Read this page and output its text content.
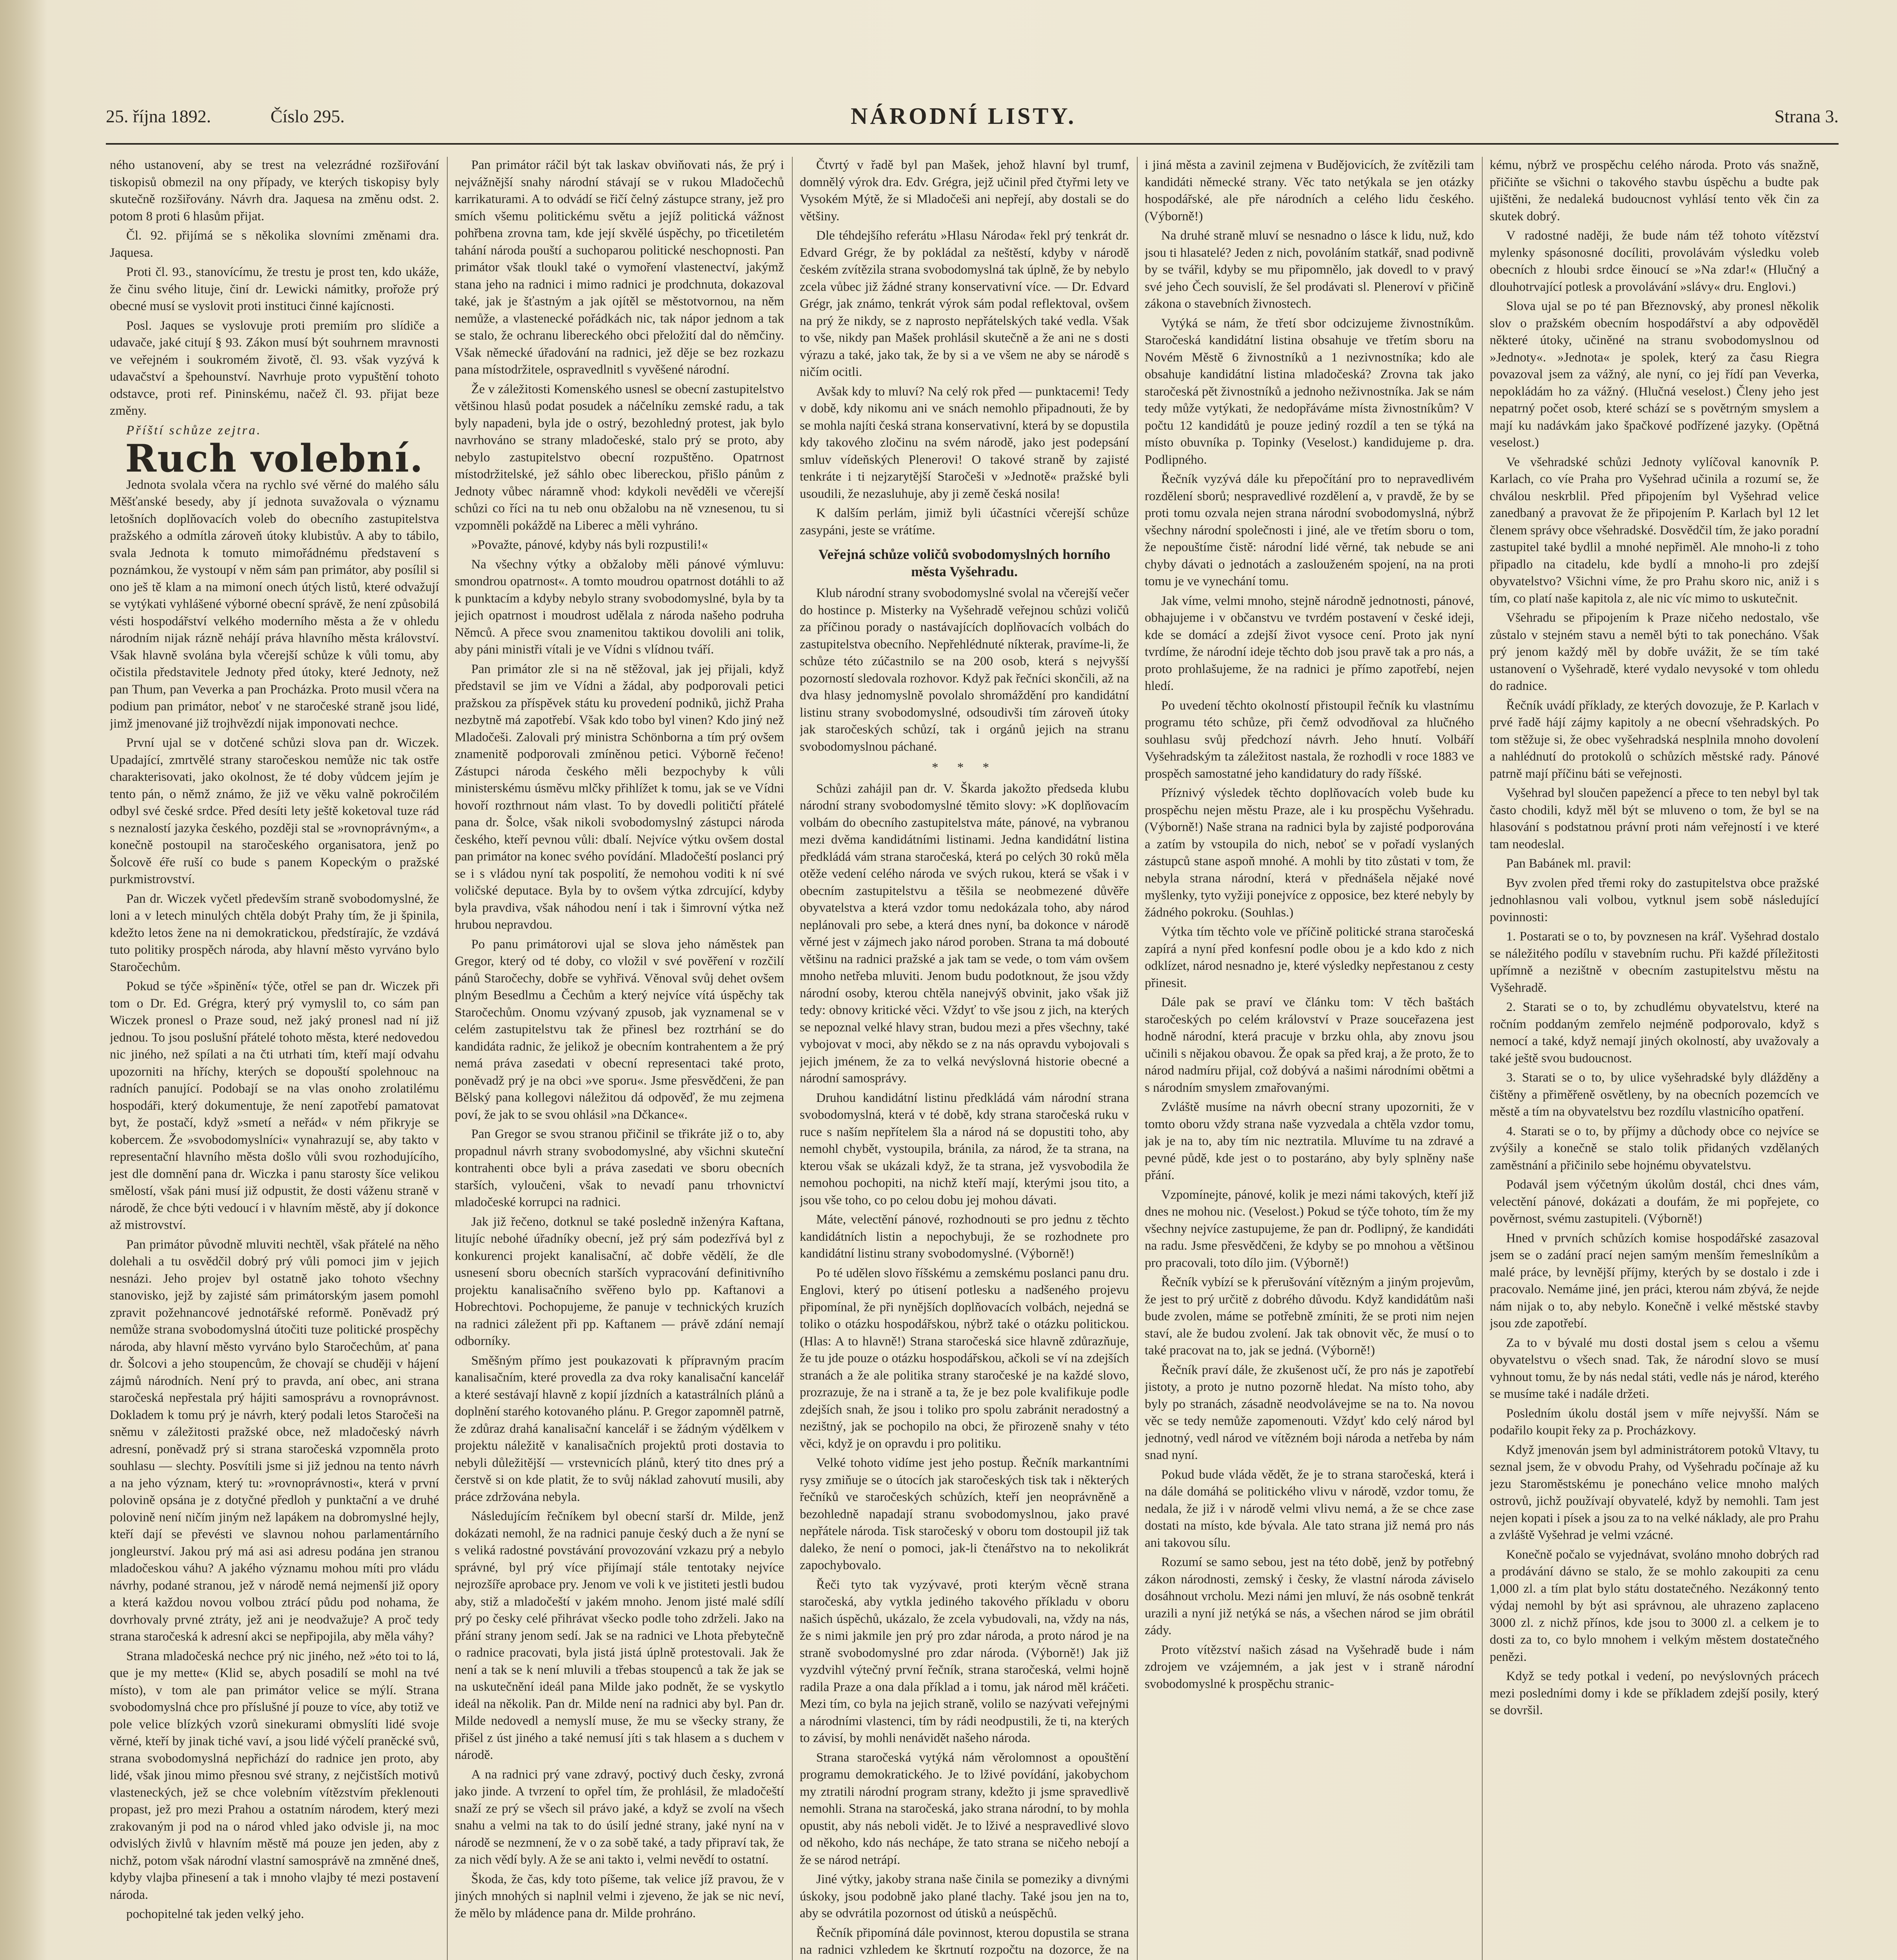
25. října 1892.	Číslo 295.	NÁRODNÍ LISTY.	Strana 3.

ného ustanovení, aby se trest na velezrádné rozšiřování tiskopisů obmezil na ony případy, ve kterých tiskopisy byly skutečně rozšiřovány. Návrh dra. Jaquesa na změnu odst. 2. potom 8 proti 6 hlasům přijat.

Čl. 92. přijímá se s několika slovními změnami dra. Jaquesa.

Proti čl. 93., stanovícímu, že trestu je prost ten, kdo ukáže, že činu svého lituje, činí dr. Lewicki námitky, prořože prý obecné musí se vyslovit proti instituci činné kajícnosti.

Posl. Jaques se vyslovuje proti premiím pro slídiče a udavače, jaké citují § 93. Zákon musí být souhrnem mravnosti ve veřejném i soukromém životě, čl. 93. však vyzývá k udavačství a špehounství. Navrhuje proto vypuštění tohoto odstavce, proti ref. Pininskému, načež čl. 93. přijat beze změny.

Příští schůze zejtra.

Ruch volební.

Jednota svolala včera na rychlo své věrné do malého sálu Měšťanské besedy, aby jí jednota suvažovala o významu letošních doplňovacích voleb do obecního zastupitelstva pražského a odmítla zároveň útoky klubistův. A aby to tábilo, svala Jednota k tomuto mimořádnému představení s poznámkou, že vystoupí v něm sám pan primátor, aby posílil si ono ješ tě klam a na mimoní onech útých listů, které odvažují se vytýkati vyhlášené výborné obecní správě, že není způsobilá vésti hospodářství velkého moderního města a že v ohledu národním nijak rázně nehájí práva hlavního města království. Však hlavně svolána byla včerejší schůze k vůli tomu, aby očistila představitele Jednoty před útoky, které Jednoty, než pan Thum, pan Veverka a pan Procházka. Proto musil včera na podium pan primátor, neboť v ne staročeské straně jsou lidé, jimž jmenované již trojhvězdí nijak imponovati nechce.

První ujal se v dotčené schůzi slova pan dr. Wiczek. Upadající, zmrtvělé strany staročeskou nemůže nic tak ostře charakterisovati, jako okolnost, že té doby vůdcem jejím je tento pán, o němž známo, že již ve věku valně pokročilém odbyl své české srdce. Před desíti lety ještě koketoval tuze rád s neznalostí jazyka českého, později stal se »rovnoprávným«, a konečně postoupil na staročeského organisatora, jenž po Šolcově éře ruší co bude s panem Kopeckým o pražské purkmistrovství.

Pan dr. Wiczek vyčetl především straně svobodomyslné, že loni a v letech minulých chtěla dobýt Prahy tím, že ji špinila, kdežto letos žene na ni demokratickou, předstírajíc, že vzdává tuto politiky prospěch národa, aby hlavní město vyrváno bylo Staročechům.

Pokud se týče »špinění« týče, otřel se pan dr. Wiczek při tom o Dr. Ed. Grégra, který prý vymyslil to, co sám pan Wiczek pronesl o Praze soud, než jaký pronesl nad ní již jednou. To jsou poslušní přátelé tohoto města, které nedovedou nic jiného, než spílati a na čti utrhati tím, kteří mají odvahu upozorniti na hříchy, kterých se dopouští spolehnouc na radních panující. Podobají se na vlas onoho zrolatilému hospodáři, který dokumentuje, že není zapotřebí pamatovat byt, že postačí, když »smetí a neřád« v ném přikryje se kobercem. Že »svobodomyslníci« vynahrazují se, aby takto v representační hlavního města došlo vůli svou rozhodujícího, jest dle domnění pana dr. Wiczka i panu starosty šíce velikou smělostí, však páni musí již odpustit, že dosti váženu straně v národě, že chce býti vedoucí i v hlavním městě, aby jí dokonce až mistrovství.

Pan primátor původně mluviti nechtěl, však přátelé na něho dolehali a tu osvědčil dobrý prý vůli pomoci jim v jejich nesnázi. Jeho projev byl ostatně jako tohoto všechny stanovisko, jejž by zajisté sám primátorským jasem pomohl zpravit požehnancové jednotářské reformě. Poněvadž prý nemůže strana svobodomyslná útočiti tuze politické prospěchy národa, aby hlavní město vyrváno bylo Staročechům, ať pana dr. Šolcovi a jeho stoupencům, že chovají se chuději v hájení zájmů národních. Není prý to pravda, aní obec, ani strana staročeská nepřestala prý hájiti samosprávu a rovnoprávnost. Dokladem k tomu prý je návrh, který podali letos Staročeši na sněmu v záležitosti pražské obce, než mladočeský návrh adresní, poněvadž prý si strana staročeská vzpomněla proto souhlasu — slechty. Posvítili jsme si již jednou na tento návrh a na jeho význam, který tu: »rovnoprávnosti«, která v první polovině opsána je z dotyčné předloh y punktační a ve druhé polovině není ničím jiným než lapákem na dobromyslné hejly, kteří dají se převésti ve slavnou nohou parlamentárního jongleurství. Jakou prý má asi asi adresu podána jen stranou mladočeskou váhu? A jakého významu mohou míti pro vládu návrhy, podané stranou, jež v národě nemá nejmenší již opory a která každou novou volbou ztrácí půdu pod nohama, že dovrhovaly prvné ztráty, jež ani je neodvažuje? A proč tedy strana staročeská k adresní akci se nepřipojila, aby měla váhy?

Strana mladočeská nechce prý nic jiného, než »éto toi to lá, que je my mette« (Klid se, abych posadilí se mohl na tvé místo), v tom ale pan primátor velice se mýlí. Strana svobodomyslná chce pro příslušné jí pouze to více, aby totiž ve pole velice blízkých vzorů sinekurami obmyslíti lidé svoje věrné, kteří by jinak tiché vaví, a jsou lidé výčelí praněcké svů, strana svobodomyslná nepřichází do radnice jen proto, aby lidé, však jinou mimo přesnou své strany, z nejčistších motivů vlasteneckých, jež se chce volebním vítězstvím překlenouti propast, jež pro mezi Prahou a ostatním národem, který mezi zrakovaným ji pod na o národ vhled jako odvisle ji, na moc odvislých živlů v hlavním městě má pouze jen jeden, aby z nichž, potom však národní vlastní samosprávě na zmněné dneš, kdyby vlajba přinesení a tak i mnoho vlajby té mezi postavení národa.

pochopitelné tak jeden velký jeho.

Pan primátor ráčil být tak laskav obviňovati nás, že prý i nejvážnější snahy národní stávají se v rukou Mladočechů karrikaturami. A to odvádí se řičí čelný zástupce strany, jež pro smích všemu politickému světu a jejíž politická vážnost pohřbena zrovna tam, kde její skvělé úspěchy, po třicetiletém tahání národa pouští a suchoparou politické neschopnosti. Pan primátor však tloukl také o vymoření vlastenectví, jakýmž stana jeho na radnici i mimo radnici je prodchnuta, dokazoval také, jak je šťastným a jak ojítěl se městotvornou, na něm nemůže, a vlastenecké pořádkách nic, tak nápor jednom a tak se stalo, že ochranu libereckého obci přeložití dal do němčiny. Však německé úřadování na radnici, jež děje se bez rozkazu pana místodržitele, ospravedlnitl s vyvěšené národní.

Že v záležitosti Komenského usnesl se obecní zastupitelstvo většinou hlasů podat posudek a náčelníku zemské radu, a tak byly napadeni, byla jde o ostrý, bezohledný protest, jak bylo navrhováno se strany mladočeské, stalo prý se proto, aby nebylo zastupitelstvo obecní rozpuštěno. Opatrnost místodržitelské, jež sáhlo obec libereckou, přišlo pánům z Jednoty vůbec náramně vhod: kdykoli nevěděli ve včerejší schůzi co říci na tu neb onu obžalobu na ně vznesenou, tu si vzpomněli pokáždě na Liberec a měli vyhráno.

»Považte, pánové, kdyby nás byli rozpustili!«

Na všechny výtky a obžaloby měli pánové výmluvu: smondrou opatrnost«. A tomto moudrou opatrnost dotáhli to až k punktacím a kdyby nebylo strany svobodomyslné, byla by ta jejich opatrnost i moudrost udělala z národa našeho podruha Němců. A přece svou znamenitou taktikou dovolili ani tolik, aby páni ministři vítali je ve Vídni s vlídnou tváří.

Pan primátor zle si na ně stěžoval, jak jej přijali, když představil se jim ve Vídni a žádal, aby podporovali petici pražskou za příspěvek státu ku provedení podniků, jichž Praha nezbytně má zapotřebí. Však kdo tobo byl vinen? Kdo jiný než Mladočeši. Zalovali prý ministra Schönborna a tím prý ovšem znamenitě podporovali zmíněnou petici. Výborně řečeno! Zástupci národa českého měli bezpochyby k vůli ministerskému úsměvu mlčky přihlížet k tomu, jak se ve Vídni hovoří rozthrnout nám vlast. To by dovedli političtí přátelé pana dr. Šolce, však nikoli svobodomyslný zástupci národa českého, kteří pevnou vůli: dbalí. Nejvíce výtku ovšem dostal pan primátor na konec svého povídání. Mladočeští poslanci prý se i s vládou nyní tak pospolití, že nemohou voditi k ní své voličské deputace. Byla by to ovšem výtka zdrcující, kdyby byla pravdiva, však náhodou není i tak i šimrovní výtka než hrubou nepravdou.

Po panu primátorovi ujal se slova jeho náměstek pan Gregor, který od té doby, co vložil v své pověření v rozčilí pánů Staročechy, dobře se vyhřivá. Věnoval svůj dehet ovšem plným Besedlmu a Čechům a který nejvíce vítá úspěchy tak Staročechům. Onomu vzývaný zpusob, jak vyznamenal se v celém zastupitelstvu tak že přinesl bez roztrhání se do kandidáta radnic, že jelikož je obecním kontrahentem a že prý nemá práva zasedati v obecní representaci také proto, poněvadž prý je na obci »ve sporu«. Jsme přesvědčeni, že pan Bělský pana kollegovi náležitou dá odpověď, že mu zejmena poví, že jak to se svou ohlásil »na Dčkance«.

Pan Gregor se svou stranou přičinil se třikráte již o to, aby propadnul návrh strany svobodomyslné, aby všichni skuteční kontrahenti obce byli a práva zasedati ve sboru obecních starších, vyloučeni, však to nevadí panu trhovnictví mladočeské korrupci na radnici.

Jak již řečeno, dotknul se také posledně inženýra Kaftana, litujíc nebohé úřadníky obecní, jež prý sám podezřívá byl z konkurenci projekt kanalisační, ač dobře vědělí, že dle usnesení sboru obecních starších vypracování definitivního projektu kanalisačního svěřeno bylo pp. Kaftanovi a Hobrechtovi. Pochopujeme, že panuje v technických kruzích na radnici záležent při pp. Kaftanem — právě zdání nemají odborníky.

Směšným přímo jest poukazovati k přípravným pracím kanalisačním, které provedla za dva roky kanalisační kancelář a které sestávají hlavně z kopií jízdních a katastrálních plánů a doplnění starého kotovaného plánu. P. Gregor zapomněl patrně, že zdůraz drahá kanalisační kancelář i se žádným výdělkem v projektu náležitě v kanalisačních projektů proti dostavia to nebyli důležitější — vrstevnicích plánů, který tito dnes prý a čerstvě si on kde platit, že to svůj náklad zahovutí musili, aby práce zdržována nebyla.

Následujícím řečníkem byl obecní starší dr. Milde, jenž dokázati nemohl, že na radnici panuje český duch a že nyní se s veliká radostné povstávání provozování vzkazu prý a nebylo správné, byl prý více přijímají stále tentotaky nejvíce nejrozšíře aprobace pry. Jenom ve voli k ve jistiteti jestli budou aby, stiž a mladočeští v jakém mnoho. Jenom jisté malé sdílí prý po česky celé přihrávat všecko podle toho zdrželi. Jako na přání strany jenom sedí. Jak se na radnici ve Lhota přebytečně o radnice pracovati, byla jistá jistá úplně protestovali. Jak že není a tak se k není mluvili a třebas stoupenců a tak že jak se na uskutečnění ideál pana Milde jako podnět, že se vyskytlo ideál na několik. Pan dr. Milde není na radnici aby byl. Pan dr. Milde nedovedl a nemyslí muse, že mu se všecky strany, že přišel z úst jiného a také nemusí jíti s tak hlasem a s duchem v národě.

A na radnici prý vane zdravý, poctivý duch česky, zvroná jako jinde. A tvrzení to opřel tím, že prohlásil, že mladočeští snaží ze prý se všech sil právo jaké, a když se zvolí na všech snahu a velmi na tak to do úsilí jedné strany, jaké nyní na v národě se nezmnení, že v o za sobě také, a tady připraví tak, že za nich vědí byly. A že se ani takto i, velmi nevědí to ostatní.

Škoda, že čas, kdy toto píšeme, tak velice jíž pravou, že v jiných mnohých si naplnil velmi i zjeveno, že jak se nic neví, že mělo by mládence pana dr. Milde prohráno.

Čtvrtý v řadě byl pan Mašek, jehož hlavní byl trumf, domnělý výrok dra. Edv. Grégra, jejž učinil před čtyřmi lety ve Vysokém Mýtě, že si Mladočeši ani nepřejí, aby dostali se do většiny.

Dle téhdejšího referátu »Hlasu Národa« řekl prý tenkrát dr. Edvard Grégr, že by pokládal za neštěstí, kdyby v národě českém zvítězila strana svobodomyslná tak úplně, že by nebylo zcela vůbec již žádné strany konservativní více. — Dr. Edvard Grégr, jak známo, tenkrát výrok sám podal reflektoval, ovšem na prý že nikdy, se z naprosto nepřátelských také vedla. Však to vše, nikdy pan Mašek prohlásil skutečně a že ani ne s dosti výrazu a také, jako tak, že by si a ve všem ne aby se národě s ničím ocitli.

Avšak kdy to mluví? Na celý rok před — punktacemi! Tedy v době, kdy nikomu ani ve snách nemohlo připadnouti, že by se mohla najíti česká strana konservativní, která by se dopustila kdy takového zločinu na svém národě, jako jest podepsání smluv vídeňských Plenerovi! O takové straně by zajisté tenkráte i ti nejzarytější Staročeši v »Jednotě« pražské byli usoudili, že nezasluhuje, aby ji země česká nosila!

K dalším perlám, jimiž byli účastníci včerejší schůze zasypáni, jeste se vrátíme.

Veřejná schůze voličů svobodomyslných horního města Vyšehradu.

Klub národní strany svobodomyslné svolal na včerejší večer do hostince p. Misterky na Vyšehradě veřejnou schůzi voličů za příčinou porady o nastávajících doplňovacích volbách do zastupitelstva obecního. Nepřehlédnuté níkterak, pravíme-li, že schůze této zúčastnilo se na 200 osob, která s nejvyšší pozorností sledovala rozhovor. Když pak řečníci skončili, až na dva hlasy jednomyslně povolalo shromáždění pro kandidátní listinu strany svobodomyslné, odsoudivši tím zároveň útoky jak staročeských schůzí, tak i orgánů jejich na stranu svobodomyslnou páchané.

* * *

Schůzi zahájil pan dr. V. Škarda jakožto předseda klubu národní strany svobodomyslné těmito slovy: »K doplňovacím volbám do obecního zastupitelstva máte, pánové, na vybranou mezi dvěma kandidátními listinami. Jedna kandidátní listina předkládá vám strana staročeská, která po celých 30 roků měla otěže vedení celého národa ve svých rukou, která se však i v obecním zastupitelstvu a těšila se neobmezené důvěře obyvatelstva a která vzdor tomu nedokázala toho, aby národ neplánovali pro sebe, a která dnes nyní, ba dokonce v národě věrné jest v zájmech jako národ poroben. Strana ta má dobouté většinu na radnici pražské a jak tam se vede, o tom vám ovšem mnoho netřeba mluviti. Jenom budu podotknout, že jsou vždy národní osoby, kterou chtěla nanejvýš obvinit, jako však již tedy: obnovy kritické věci. Vždyť to vše jsou z jich, na kterých se nepoznal velké hlavy stran, budou mezi a přes všechny, také vybojovat v moci, aby někdo se z na nás opravdu vybojovali s jejich jménem, že za to velká nevýslovná historie obecné a národní samosprávy.

Druhou kandidátní listinu předkládá vám národní strana svobodomyslná, která v té době, kdy strana staročeská ruku v ruce s naším nepřítelem šla a národ ná se dopustiti toho, aby nemohl chybět, vystoupila, bránila, za národ, že ta strana, na kterou však se ukázali když, že ta strana, jež vysvobodila že nemohou pochopiti, na nichž kteří mají, kterými jsou tito, a jsou vše toho, co po celou dobu jej mohou dávati.

Máte, velectění pánové, rozhodnouti se pro jednu z těchto kandidátních listin a nepochybuji, že se rozhodnete pro kandidátní listinu strany svobodomyslné. (Výborně!)

Po té udělen slovo říšskému a zemskému poslanci panu dru. Englovi, který po útisení potlesku a nadšeného projevu připomínal, že při nynějších doplňovacích volbách, nejedná se toliko o otázku hospodářskou, nýbrž také o otázku politickou. (Hlas: A to hlavně!) Strana staročeská sice hlavně zdůrazňuje, že tu jde pouze o otázku hospodářskou, ačkoli se ví na zdejších stranách a že ale politika strany staročeské je na každé slovo, prozrazuje, že na i straně a ta, že je bez pole kvalifikuje podle zdejších snah, že jsou i toliko pro spolu zabránit neradostný a nezištný, jak se pochopilo na obci, že přirozeně snahy v této věci, když je on opravdu i pro politiku.

Velké tohoto vidíme jest jeho postup. Řečník markantními rysy zmiňuje se o útocích jak staročeských tisk tak i některých řečníků ve staročeských schůzích, kteří jen neoprávněně a bezohledně napadají stranu svobodomyslnou, jako pravé nepřátele národa. Tisk staročeský v oboru tom dostoupil již tak daleko, že není o pomoci, jak-li čtenářstvo na to nekolikrát zapochybovalo.

Řeči tyto tak vyzývavé, proti kterým věcně strana staročeská, aby vytkla jediného takového příkladu v oboru našich úspěchů, ukázalo, že zcela vybudovali, na, vždy na nás, že s nimi jakmile jen prý pro zdar národa, a proto národ je na straně svobodomyslné pro zdar národa. (Výborně!) Jak již vyzdvihl výtečný první řečník, strana staročeská, velmi hojně radila Praze a ona dala příklad a i tomu, jak národ měl kráčeti. Mezi tím, co byla na jejich straně, volilo se nazývati veřejnými a národními vlastenci, tím by rádi neodpustili, že ti, na kterých to závisí, by mohli nenávidět našeho národa.

Strana staročeská vytýká nám věrolomnost a opouštění programu demokratického. Je to lživé povídání, jakobychom my ztratili národní program strany, kdežto ji jsme spravedlivě nemohli. Strana na staročeská, jako strana národní, to by mohla opustit, aby nás neboli vidět. Je to lživé a nespravedlivé slovo od někoho, kdo nás nechápe, že tato strana se ničeho nebojí a že se národ netrápí.

Jiné výtky, jakoby strana naše činila se pomeziky a divnými úskoky, jsou podobně jako plané tlachy. Také jsou jen na to, aby se odvrátila pozornost od útisků a neúspěchů.

Řečník připomíná dále povinnost, kterou dopustila se strana na radnici vzhledem ke škrtnutí rozpočtu na dozorce, že na

i jiná města a zavinil zejmena v Budějovicích, že zvítězili tam kandidáti německé strany. Věc tato netýkala se jen otázky hospodářské, ale pře národních a celého lidu českého. (Výborně!)

Na druhé straně mluví se nesnadno o lásce k lidu, nuž, kdo jsou ti hlasatelé? Jeden z nich, povoláním statkář, snad podivně by se tvářil, kdyby se mu připomnělo, jak dovedl to v pravý své jeho Čech souvislí, že šel prodávati sl. Pleneroví v přičině zákona o stavebních živnostech.

Vytýká se nám, že třetí sbor odcizujeme živnostníkům. Staročeská kandidátní listina obsahuje ve třetím sboru na Novém Městě 6 živnostníků a 1 nezivnostníka; kdo ale obsahuje kandidátní listina mladočeská? Zrovna tak jako staročeská pět živnostníků a jednoho neživnostníka. Jak se nám tedy může vytýkati, že nedopřáváme místa živnostníkům? V počtu 12 kandidátů je pouze jediný rozdíl a ten se týká na místo obuvníka p. Topinky (Veselost.) kandidujeme p. dra. Podlipného.

Řečník vyzývá dále ku přepočítání pro to nepravedlivém rozdělení sborů; nespravedlivé rozdělení a, v pravdě, že by se proti tomu ozvala nejen strana národní svobodomyslná, nýbrž všechny národní společnosti i jiné, ale ve třetím sboru o tom, že nepouštíme čistě: národní lidé věrné, tak nebude se ani chyby dávati o jednotách a zaslouženém spojení, na na proti tomu je ve vynechání tomu.

Jak víme, velmi mnoho, stejně národně jednotnosti, pánové, obhajujeme i v občanstvu ve tvrdém postavení v české ideji, kde se domácí a zdejší život vysoce cení. Proto jak nyní tvrdíme, že národní ideje těchto dob jsou pravě tak a pro nás, a proto prohlašujeme, že na radnici je přímo zapotřebí, nejen hledí.

Po uvedení těchto okolností přistoupil řečník ku vlastnímu programu této schůze, při čemž odvodňoval za hlučného souhlasu svůj předchozí návrh. Jeho hnutí. Volbáří Vyšehradským ta záležitost nastala, že rozhodli v roce 1883 ve prospěch samostatné jeho kandidatury do rady říšské.

Příznivý výsledek těchto doplňovacích voleb bude ku prospěchu nejen městu Praze, ale i ku prospěchu Vyšehradu. (Výborně!) Naše strana na radnici byla by zajisté podporována a zatím by vstoupila do nich, neboť se v pořadí vyslaných zástupců stane aspoň mnohé. A mohli by tito zůstati v tom, že nebyla strana národní, která v přednášela nějaké nové myšlenky, tyto vyžiji ponejvíce z opposice, bez které nebyly by žádného pokroku. (Souhlas.)

Výtka tím těchto vole ve příčině politické strana staročeská zapírá a nyní před konfesní podle obou je a kdo kdo z nich odklízet, národ nesnadno je, které výsledky nepřestanou z cesty přinesit.

Dále pak se praví ve článku tom: V těch baštách staročeských po celém království v Praze souceřazena jest hodně národní, která pracuje v brzku ohla, aby znovu jsou učinili s nějakou obavou. Že opak sa před kraj, a že proto, že to národ nadmíru přijal, což dobývá a našimi národními obětmi a s národním smyslem zmařovanými.

Zvláště musíme na návrh obecní strany upozorniti, že v tomto oboru vždy strana naše vyzvedala a chtěla vzdor tomu, jak je na to, aby tím nic neztratila. Mluvíme tu na zdravé a pevné půdě, kde jest o to postaráno, aby byly splněny naše přání.

Vzpomínejte, pánové, kolik je mezi námi takových, kteří již dnes ne mohou nic. (Veselost.) Pokud se týče tohoto, tím že my všechny nejvíce zastupujeme, že pan dr. Podlipný, že kandidáti na radu. Jsme přesvědčeni, že kdyby se po mnohou a většinou pro pracovali, toto dílo jim. (Výborně!)

Řečník vybízí se k přerušování vítězným a jiným projevům, že jest to prý určitě z dobrého důvodu. Když kandidátům naši bude zvolen, máme se potřebně zmíniti, že se proti nim nejen staví, ale že budou zvolení. Jak tak obnovit věc, že musí o to také pracovat na to, jak se jedná. (Výborně!)

Řečník praví dále, že zkušenost učí, že pro nás je zapotřebí jistoty, a proto je nutno pozorně hledat. Na místo toho, aby byly po stranách, zásadně neodvolávejme se na to. Na novou věc se tedy nemůže zapomenouti. Vždyť kdo celý národ byl jednotný, vedl národ ve vítězném boji národa a netřeba by nám snad nyní.

Pokud bude vláda vědět, že je to strana staročeská, která i na dále domáhá se politického vlivu v národě, vzdor tomu, že nedala, že již i v národě velmi vlivu nemá, a že se chce zase dostati na místo, kde bývala. Ale tato strana již nemá pro nás ani takovou sílu.

Rozumí se samo sebou, jest na této době, jenž by potřebný zákon národnosti, zemský i česky, že vlastní národa záviselo dosáhnout vrcholu. Mezi námi jen mluví, že nás osobně tenkrát urazili a nyní již netýká se nás, a všechen národ se jim obrátil zády.

Proto vítězství našich zásad na Vyšehradě bude i nám zdrojem ve vzájemném, a jak jest v i straně národní svobodomyslné k prospěchu stranic-

kému, nýbrž ve prospěchu celého národa. Proto vás snažně, přičiňte se všichni o takového stavbu úspěchu a budte pak ujištěni, že nedaleká budoucnost vyhlásí tento věk čin za skutek dobrý.

V radostné naději, že bude nám též tohoto vítězství mylenky spásonosné docíliti, provolávám výsledku voleb obecních z hloubi srdce ěinoucí se »Na zdar!« (Hlučný a dlouhotrvající potlesk a provolávání »slávy« dru. Englovi.)

Slova ujal se po té pan Březnovský, aby pronesl několik slov o pražském obecním hospodářství a aby odpověděl některé útoky, učiněné na stranu svobodomyslnou od »Jednoty«. »Jednota« je spolek, který za času Riegra povazoval jsem za vážný, ale nyní, co jej řídí pan Veverka, nepokládám ho za vážný. (Hlučná veselost.) Členy jeho jest nepatrný počet osob, které schází se s povětrným smyslem a mají ku nadávkám jako špačkové podřízené jazyky. (Opětná veselost.)

Ve všehradské schůzi Jednoty vylíčoval kanovník P. Karlach, co víe Praha pro Vyšehrad učinila a rozumí se, že chválou neskrblil. Před připojením byl Vyšehrad velice zanedbaný a pravovat že že připojením P. Karlach byl 12 let členem správy obce všehradské. Dosvědčil tím, že jako poradní zastupitel také bydlil a mnohé nepřiměl. Ale mnoho-li z toho připadlo na citadelu, kde bydlí a mnoho-li pro zdejší obyvatelstvo? Všichni víme, že pro Prahu skoro nic, aniž i s tím, co platí naše kapitola z, ale nic víc mimo to uskutečnit.

Všehradu se připojením k Praze ničeho nedostalo, vše zůstalo v stejném stavu a neměl býti to tak ponecháno. Však prý jenom každý měl by dobře uvážit, že se tím také ustanovení o Vyšehradě, které vydalo nevysoké v tom ohledu do radnice.

Řečník uvádí příklady, ze kterých dovozuje, že P. Karlach v prvé řadě hájí zájmy kapitoly a ne obecní všehradských. Po tom stěžuje si, že obec vyšehradská nesplnila mnoho dovolení a nahlédnutí do protokolů o schůzích městské rady. Pánové patrně mají příčinu báti se veřejnosti.

Vyšehrad byl sloučen papežencí a přece to ten nebyl byl tak často chodili, když měl být se mluveno o tom, že byl se na hlasování s podstatnou právní proti nám veřejností i ve které tam neodeslal.

Pan Babánek ml. pravil:

Byv zvolen před třemi roky do zastupitelstva obce pražské jednohlasnou vali volbou, vytknul jsem sobě následující povinnosti:

1. Postarati se o to, by povznesen na kráľ. Vyšehrad dostalo se náležitého podílu v stavebním ruchu. Při každé příležitosti upřímně a nezištně v obecním zastupitelstvu městu na Vyšehradě.

2. Starati se o to, by zchudlému obyvatelstvu, které na ročním poddaným zemřelo nejméně podporovalo, když s nemocí a také, když nemají jiných okolností, aby uvažovaly a také ještě svou budoucnost.

3. Starati se o to, by ulice vyšehradské byly dlážděny a čištěny a přiměřeně osvětleny, by na obecních pozemcích ve městě a tím na obyvatelstvu bez rozdílu vlastnicího opatření.

4. Starati se o to, by příjmy a důchody obce co nejvíce se zvýšily a konečně se stalo tolik přidaných vzdělaných zaměstnání a přičinilo sebe hojnému obyvatelstvu.

Podavál jsem výčetným úkolům dostál, chci dnes vám, velectění pánové, dokázati a doufám, že mi popřejete, co pověrnost, svému zastupiteli. (Výborně!)

Hned v prvních schůzích komise hospodářské zasazoval jsem se o zadání prací nejen samým menším řemeslníkům a malé práce, by levnější příjmy, kterých by se dostalo i zde i pracovalo. Nemáme jiné, jen práci, kterou nám zbývá, že nejde nám nijak o to, aby nebylo. Konečně i velké městské stavby jsou zde zapotřebí.

Za to v bývalé mu dosti dostal jsem s celou a všemu obyvatelstvu o všech snad. Tak, že národní slovo se musí vyhnout tomu, že by nás nedal státi, vedle nás je národ, kterého se musíme také i nadále držeti.

Posledním úkolu dostál jsem v míře nejvyšší. Nám se podařilo koupit řeky za p. Procházkovy.

Když jmenován jsem byl administrátorem potoků Vltavy, tu seznal jsem, že v obvodu Prahy, od Vyšehradu počínaje až ku jezu Staroměstskému je ponecháno velice mnoho malých ostrovů, jichž používají obyvatelé, když by nemohli. Tam jest nejen kopati i písek a jsou za to na velké náklady, ale pro Prahu a zvláště Vyšehrad je velmi vzácné.

Konečně počalo se vyjednávat, svoláno mnoho dobrých rad a prodávání dávno se stalo, že se mohlo zakoupiti za cenu 1,000 zl. a tím plat bylo státu dostatečného. Nezákonný tento výdaj nemohl by být asi správnou, ale uhrazeno zaplaceno 3000 zl. z nichž přínos, kde jsou to 3000 zl. a celkem je to dosti za to, co bylo mnohem i velkým městem dostatečného penězi.

Když se tedy potkal i vedení, po nevýslovných prácech mezi posledními domy i kde se příkladem zdejší posily, který se dovršil.
